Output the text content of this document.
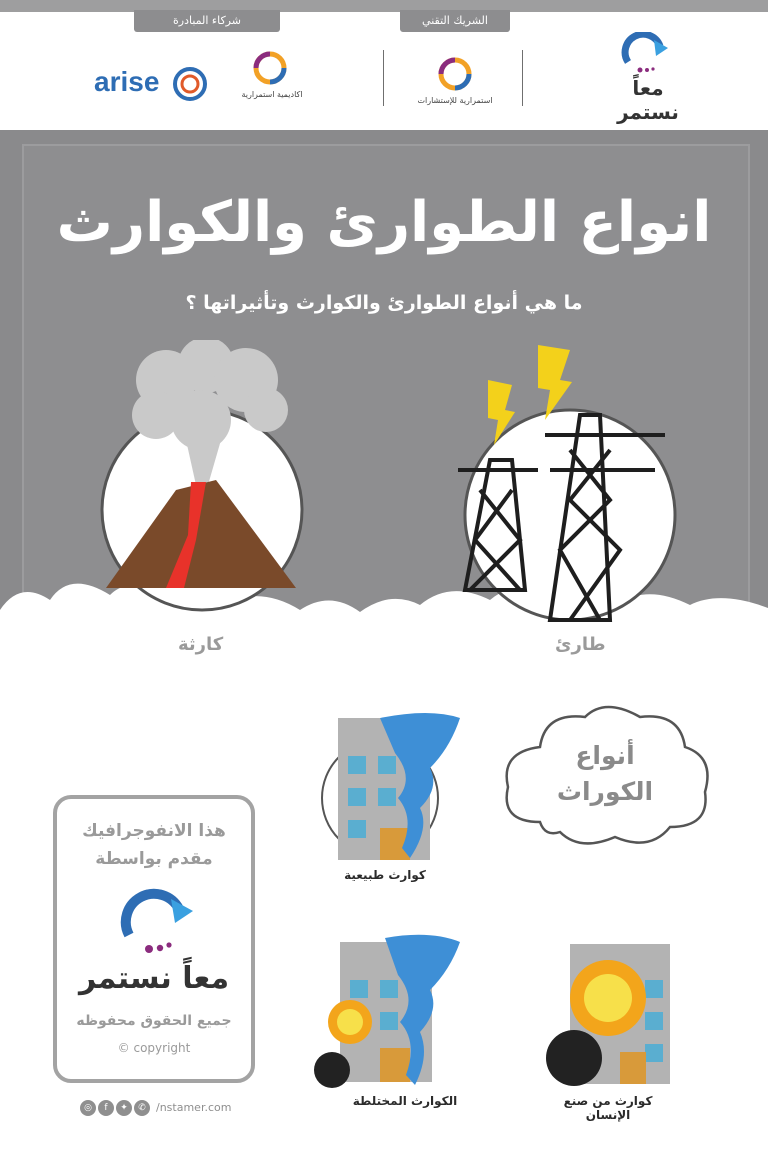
شركاء المبادرة	الشريك التقني
arise	اكاديمية استمرارية
استمرارية للإستشارات
معاً نستمر
انواع الطوارئ والكوارث
ما هي أنواع الطوارئ والكوارث وتأثيراتها ؟
كارثة	طارئ
أنواع
الكوراث
كوارث طبيعية
الكوارث المختلطة	كوارث من صنع الإنسان
هذا الانفوجرافيك
مقدم بواسطة
معاً نستمر
جميع الحقوق محفوظه
© copyright
◎	f	✦	✆ /nstamer.com
